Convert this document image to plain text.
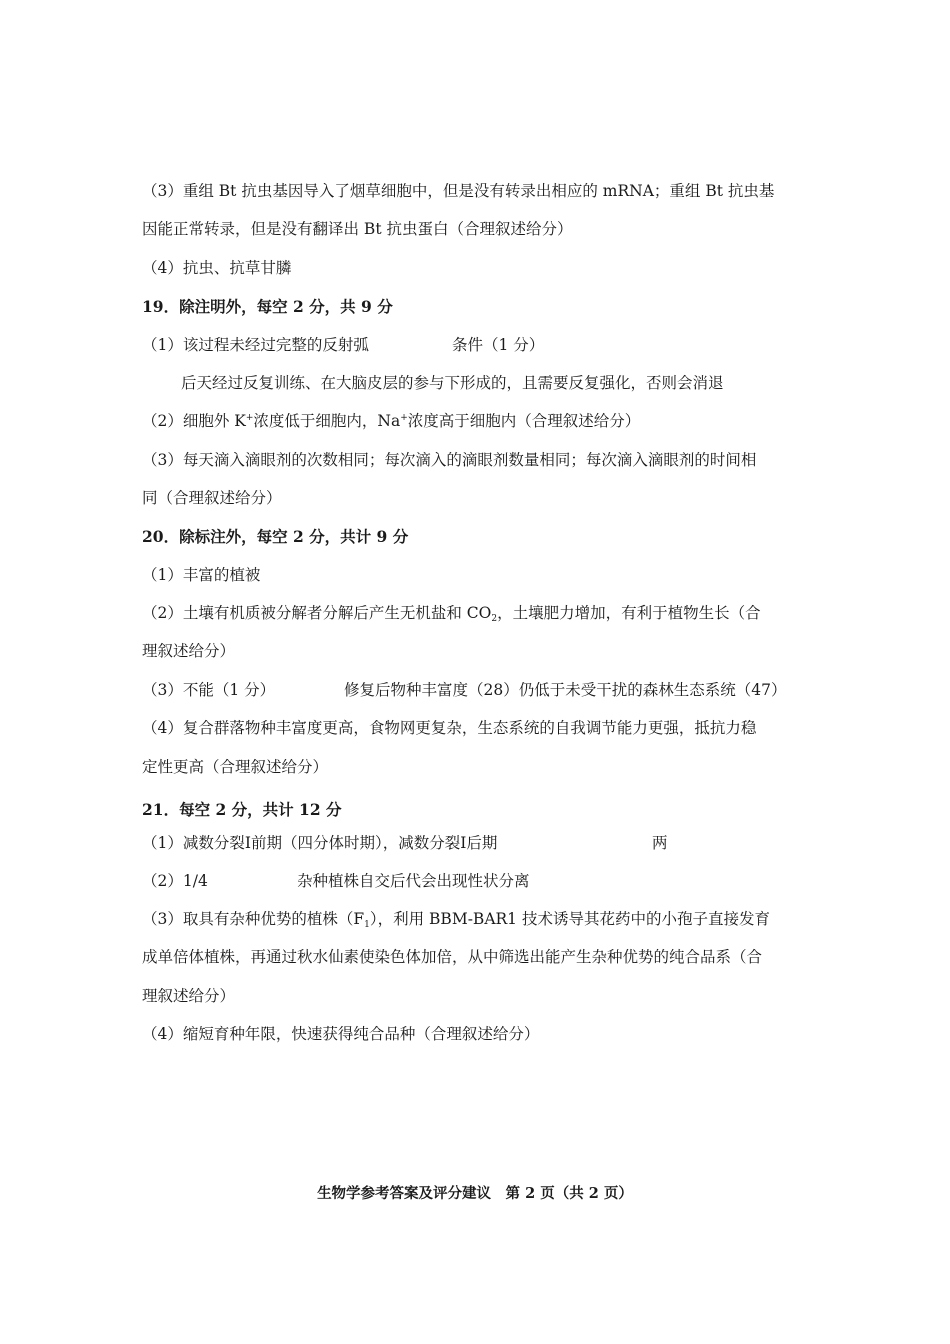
（3）重组 Bt 抗虫基因导入了烟草细胞中，但是没有转录出相应的 mRNA；重组 Bt 抗虫基
因能正常转录，但是没有翻译出 Bt 抗虫蛋白（合理叙述给分）
（4）抗虫、抗草甘膦
19．除注明外，每空 2 分，共 9 分
（1）该过程未经过完整的反射弧	条件（1 分）
后天经过反复训练、在大脑皮层的参与下形成的，且需要反复强化，否则会消退
（2）细胞外 K+浓度低于细胞内，Na+浓度高于细胞内（合理叙述给分）
（3）每天滴入滴眼剂的次数相同；每次滴入的滴眼剂数量相同；每次滴入滴眼剂的时间相
同（合理叙述给分）
20．除标注外，每空 2 分，共计 9 分
（1）丰富的植被
（2）土壤有机质被分解者分解后产生无机盐和 $CO_2$，土壤肥力增加，有利于植物生长（合
理叙述给分）
（3）不能（1 分）	修复后物种丰富度（28）仍低于未受干扰的森林生态系统（47）
（4）复合群落物种丰富度更高，食物网更复杂，生态系统的自我调节能力更强，抵抗力稳
定性更高（合理叙述给分）
21．每空 2 分，共计 12 分
（1）减数分裂Ⅰ前期（四分体时期），减数分裂Ⅰ后期	两
（2）1/4	杂种植株自交后代会出现性状分离
（3）取具有杂种优势的植株$(F_1)$，利用 BBM-BAR1 技术诱导其花药中的小孢子直接发育
成单倍体植株，再通过秋水仙素使染色体加倍，从中筛选出能产生杂种优势的纯合品系（合
理叙述给分）
（4）缩短育种年限，快速获得纯合品种（合理叙述给分）
生物学参考答案及评分建议　第 2 页（共 2 页）
